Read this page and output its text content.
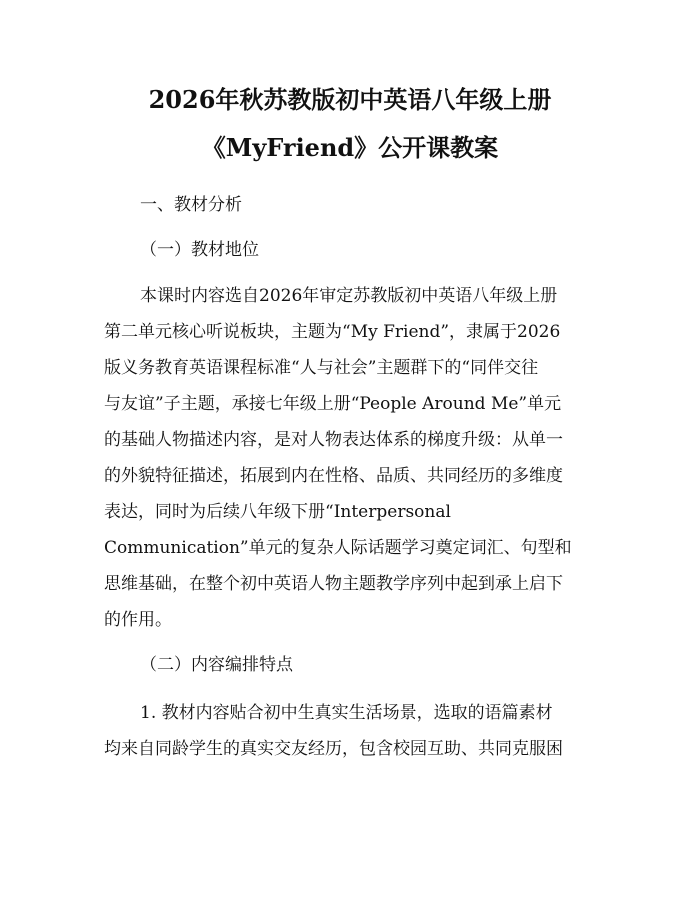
2026年秋苏教版初中英语八年级上册
《MyFriend》公开课教案
一、教材分析
（一）教材地位
本课时内容选自2026年审定苏教版初中英语八年级上册
第二单元核心听说板块，主题为“My Friend”，隶属于2026
版义务教育英语课程标准“人与社会”主题群下的“同伴交往
与友谊”子主题，承接七年级上册“People Around Me”单元
的基础人物描述内容，是对人物表达体系的梯度升级：从单一
的外貌特征描述，拓展到内在性格、品质、共同经历的多维度
表达，同时为后续八年级下册“Interpersonal
Communication”单元的复杂人际话题学习奠定词汇、句型和
思维基础，在整个初中英语人物主题教学序列中起到承上启下
的作用。
（二）内容编排特点
1. 教材内容贴合初中生真实生活场景，选取的语篇素材
均来自同龄学生的真实交友经历，包含校园互助、共同克服困
